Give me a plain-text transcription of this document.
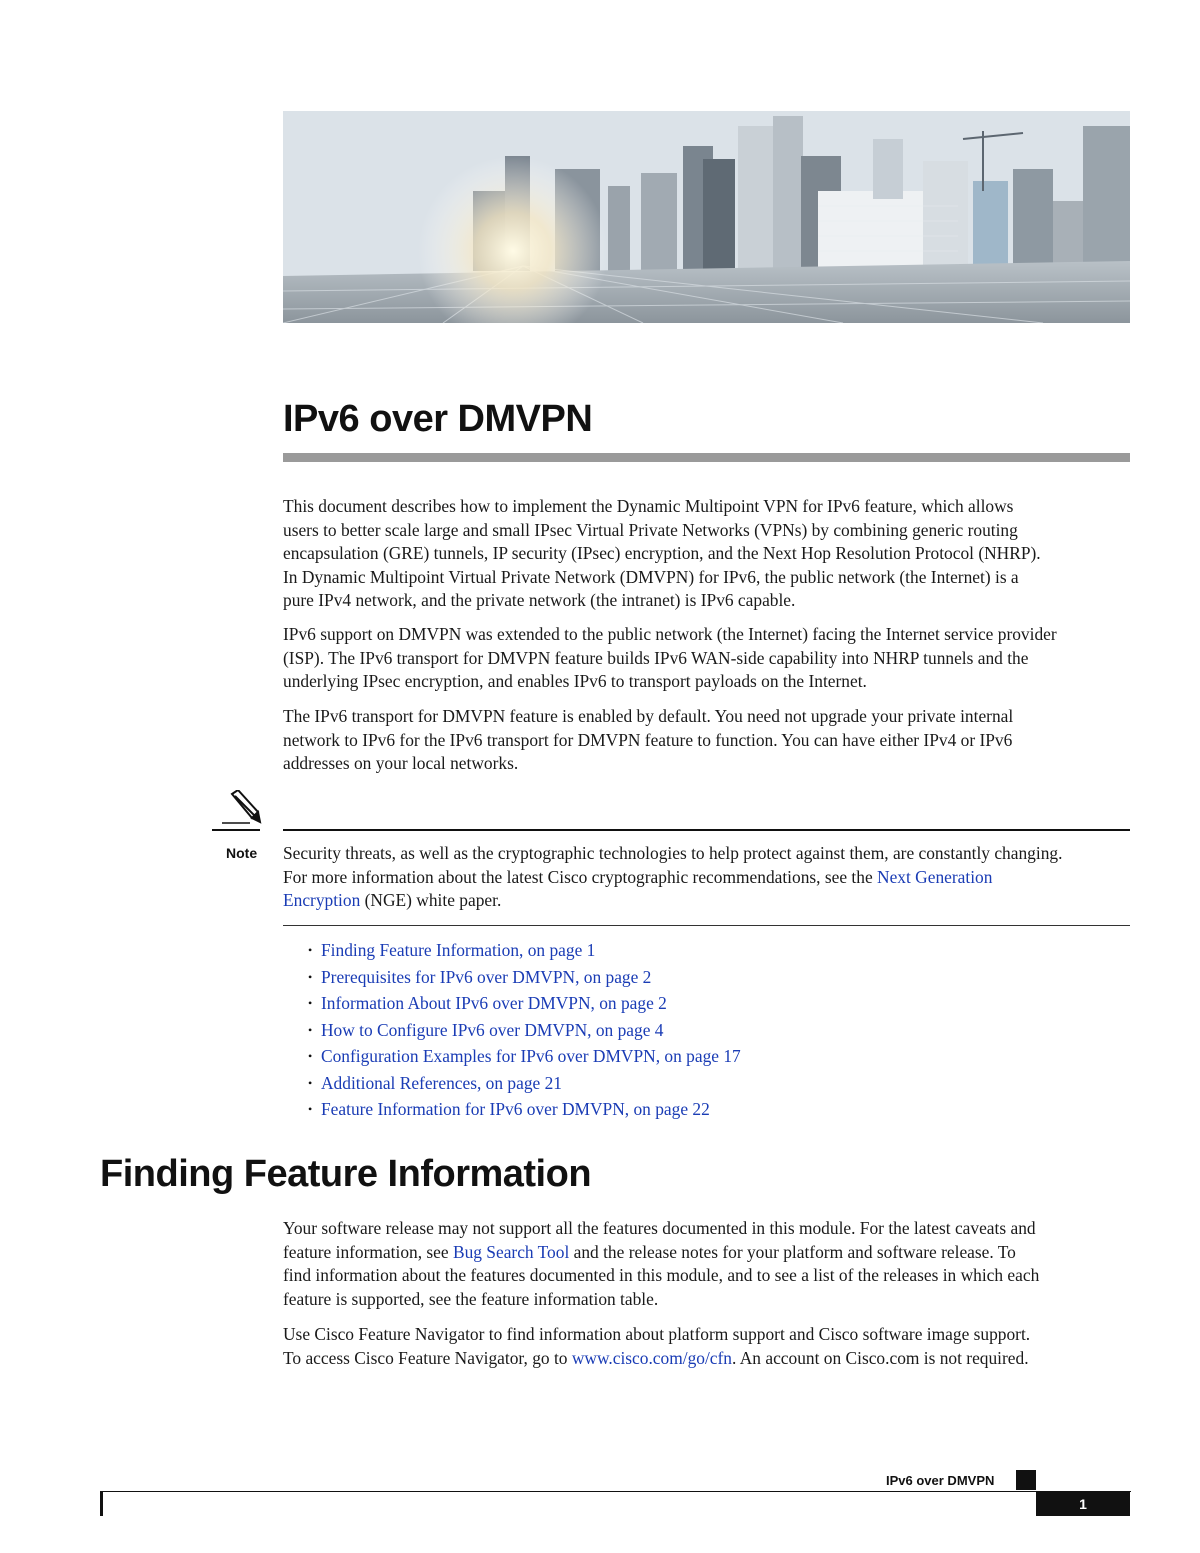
IPv6 over DMVPN

This document describes how to implement the Dynamic Multipoint VPN for IPv6 feature, which allows
users to better scale large and small IPsec Virtual Private Networks (VPNs) by combining generic routing
encapsulation (GRE) tunnels, IP security (IPsec) encryption, and the Next Hop Resolution Protocol (NHRP).
In Dynamic Multipoint Virtual Private Network (DMVPN) for IPv6, the public network (the Internet) is a
pure IPv4 network, and the private network (the intranet) is IPv6 capable.

IPv6 support on DMVPN was extended to the public network (the Internet) facing the Internet service provider
(ISP). The IPv6 transport for DMVPN feature builds IPv6 WAN-side capability into NHRP tunnels and the
underlying IPsec encryption, and enables IPv6 to transport payloads on the Internet.

The IPv6 transport for DMVPN feature is enabled by default. You need not upgrade your private internal
network to IPv6 for the IPv6 transport for DMVPN feature to function. You can have either IPv4 or IPv6
addresses on your local networks.

Note Security threats, as well as the cryptographic technologies to help protect against them, are constantly changing.
For more information about the latest Cisco cryptographic recommendations, see the Next Generation
Encryption (NGE) white paper.

• Finding Feature Information, on page 1
• Prerequisites for IPv6 over DMVPN, on page 2
• Information About IPv6 over DMVPN, on page 2
• How to Configure IPv6 over DMVPN, on page 4
• Configuration Examples for IPv6 over DMVPN, on page 17
• Additional References, on page 21
• Feature Information for IPv6 over DMVPN, on page 22
Finding Feature Information

Your software release may not support all the features documented in this module. For the latest caveats and
feature information, see Bug Search Tool and the release notes for your platform and software release. To
find information about the features documented in this module, and to see a list of the releases in which each
feature is supported, see the feature information table.

Use Cisco Feature Navigator to find information about platform support and Cisco software image support.
To access Cisco Feature Navigator, go to www.cisco.com/go/cfn. An account on Cisco.com is not required.

IPv6 over DMVPN
1
